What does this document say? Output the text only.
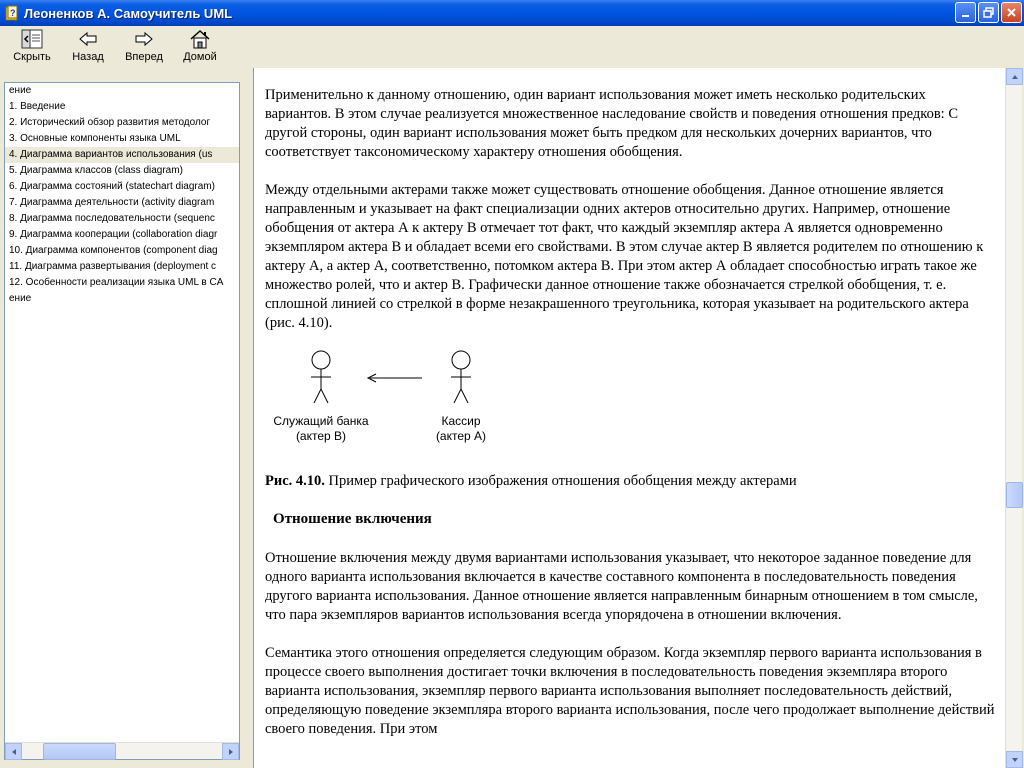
? Леоненков А. Самоучитель UML
Скрыть Назад Вперед Домой
ение
1. Введение
2. Исторический обзор развития методолог
3. Основные компоненты языка UML
4. Диаграмма вариантов использования (us
5. Диаграмма классов (class diagram)
6. Диаграмма состояний (statechart diagram)
7. Диаграмма деятельности (activity diagram
8. Диаграмма последовательности (sequenc
9. Диаграмма кооперации (collaboration diagr
10. Диаграмма компонентов (component diag
11. Диаграмма развертывания (deployment c
12. Особенности реализации языка UML в CA
ение

Применительно к данному отношению, один вариант использования может иметь несколько родительских вариантов. В этом случае реализуется множественное наследование свойств и поведения отношения предков: С другой стороны, один вариант использования может быть предком для нескольких дочерних вариантов, что соответствует таксономическому характеру отношения обобщения.

Между отдельными актерами также может существовать отношение обобщения. Данное отношение является направленным и указывает на факт специализации одних актеров относительно других. Например, отношение обобщения от актера А к актеру В отмечает тот факт, что каждый экземпляр актера А является одновременно экземпляром актера В и обладает всеми его свойствами. В этом случае актер В является родителем по отношению к актеру А, а актер А, соответственно, потомком актера В. При этом актер А обладает способностью играть такое же множество ролей, что и актер В. Графически данное отношение также обозначается стрелкой обобщения, т. е. сплошной линией со стрелкой в форме незакрашенного треугольника, которая указывает на родительского актера (рис. 4.10).

Служащий банка
(актер В)
Кассир
(актер А)
Рис. 4.10. Пример графического изображения отношения обобщения между актерами
Отношение включения

Отношение включения между двумя вариантами использования указывает, что некоторое заданное поведение для одного варианта использования включается в качестве составного компонента в последовательность поведения другого варианта использования. Данное отношение является направленным бинарным отношением в том смысле, что пара экземпляров вариантов использования всегда упорядочена в отношении включения.

Семантика этого отношения определяется следующим образом. Когда экземпляр первого варианта использования в процессе своего выполнения достигает точки включения в последовательность поведения экземпляра второго варианта использования, экземпляр первого варианта использования выполняет последовательность действий, определяющую поведение экземпляра второго варианта использования, после чего продолжает выполнение действий своего поведения. При этом
